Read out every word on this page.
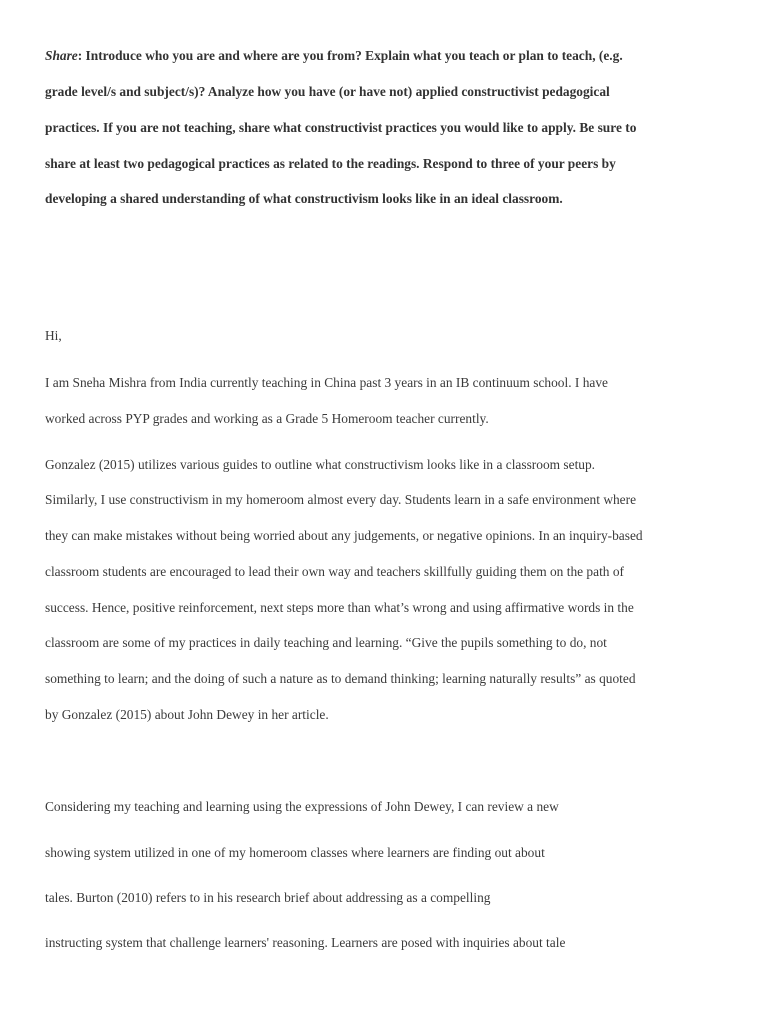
Share: Introduce who you are and where are you from? Explain what you teach or plan to teach, (e.g.
grade level/s and subject/s)? Analyze how you have (or have not) applied constructivist pedagogical
practices. If you are not teaching, share what constructivist practices you would like to apply. Be sure to
share at least two pedagogical practices as related to the readings. Respond to three of your peers by
developing a shared understanding of what constructivism looks like in an ideal classroom.
Hi,
I am Sneha Mishra from India currently teaching in China past 3 years in an IB continuum school. I have
worked across PYP grades and working as a Grade 5 Homeroom teacher currently.
Gonzalez (2015) utilizes various guides to outline what constructivism looks like in a classroom setup.
Similarly, I use constructivism in my homeroom almost every day. Students learn in a safe environment where
they can make mistakes without being worried about any judgements, or negative opinions. In an inquiry-based
classroom students are encouraged to lead their own way and teachers skillfully guiding them on the path of
success. Hence, positive reinforcement, next steps more than what’s wrong and using affirmative words in the
classroom are some of my practices in daily teaching and learning. “Give the pupils something to do, not
something to learn; and the doing of such a nature as to demand thinking; learning naturally results” as quoted
by Gonzalez (2015) about John Dewey in her article.
Considering my teaching and learning using the expressions of John Dewey, I can review a new
showing system utilized in one of my homeroom classes where learners are finding out about
tales. Burton (2010) refers to in his research brief about addressing as a compelling
instructing system that challenge learners' reasoning. Learners are posed with inquiries about tale
